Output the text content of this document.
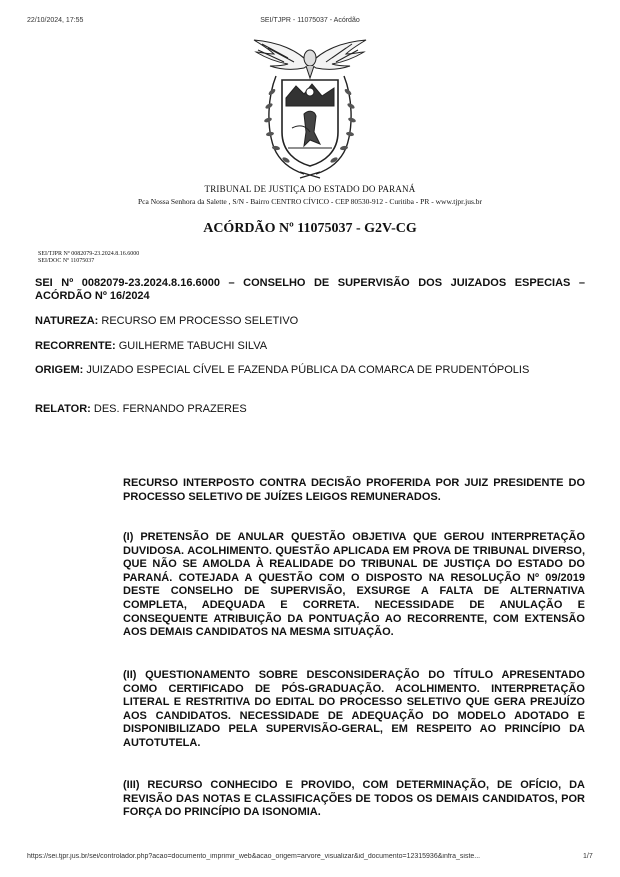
22/10/2024, 17:55	SEI/TJPR - 11075037 - Acórdão
TRIBUNAL DE JUSTIÇA DO ESTADO DO PARANÁ
Pca Nossa Senhora da Salette , S/N - Bairro CENTRO CÍVICO - CEP 80530-912 - Curitiba - PR - www.tjpr.jus.br
ACÓRDÃO Nº 11075037 - G2V-CG
SEI/TJPR Nº 0082079-23.2024.8.16.6000
SEI/DOC Nº 11075037
SEI Nº 0082079-23.2024.8.16.6000 – CONSELHO DE SUPERVISÃO DOS JUIZADOS ESPECIAS – ACÓRDÃO Nº 16/2024
NATUREZA: RECURSO EM PROCESSO SELETIVO
RECORRENTE: GUILHERME TABUCHI SILVA
ORIGEM: JUIZADO ESPECIAL CÍVEL E FAZENDA PÚBLICA DA COMARCA DE PRUDENTÓPOLIS
RELATOR: DES. FERNANDO PRAZERES
RECURSO INTERPOSTO CONTRA DECISÃO PROFERIDA POR JUIZ PRESIDENTE DO PROCESSO SELETIVO DE JUÍZES LEIGOS REMUNERADOS.
(I) PRETENSÃO DE ANULAR QUESTÃO OBJETIVA QUE GEROU INTERPRETAÇÃO DUVIDOSA. ACOLHIMENTO. QUESTÃO APLICADA EM PROVA DE TRIBUNAL DIVERSO, QUE NÃO SE AMOLDA À REALIDADE DO TRIBUNAL DE JUSTIÇA DO ESTADO DO PARANÁ. COTEJADA A QUESTÃO COM O DISPOSTO NA RESOLUÇÃO Nº 09/2019 DESTE CONSELHO DE SUPERVISÃO, EXSURGE A FALTA DE ALTERNATIVA COMPLETA, ADEQUADA E CORRETA. NECESSIDADE DE ANULAÇÃO E CONSEQUENTE ATRIBUIÇÃO DA PONTUAÇÃO AO RECORRENTE, COM EXTENSÃO AOS DEMAIS CANDIDATOS NA MESMA SITUAÇÃO.
(II) QUESTIONAMENTO SOBRE DESCONSIDERAÇÃO DO TÍTULO APRESENTADO COMO CERTIFICADO DE PÓS-GRADUAÇÃO. ACOLHIMENTO. INTERPRETAÇÃO LITERAL E RESTRITIVA DO EDITAL DO PROCESSO SELETIVO QUE GERA PREJUÍZO AOS CANDIDATOS. NECESSIDADE DE ADEQUAÇÃO DO MODELO ADOTADO E DISPONIBILIZADO PELA SUPERVISÃO-GERAL, EM RESPEITO AO PRINCÍPIO DA AUTOTUTELA.
(III) RECURSO CONHECIDO E PROVIDO, COM DETERMINAÇÃO, DE OFÍCIO, DA REVISÃO DAS NOTAS E CLASSIFICAÇÕES DE TODOS OS DEMAIS CANDIDATOS, POR FORÇA DO PRINCÍPIO DA ISONOMIA.
https://sei.tjpr.jus.br/sei/controlador.php?acao=documento_imprimir_web&acao_origem=arvore_visualizar&id_documento=12315936&infra_siste...	1/7
